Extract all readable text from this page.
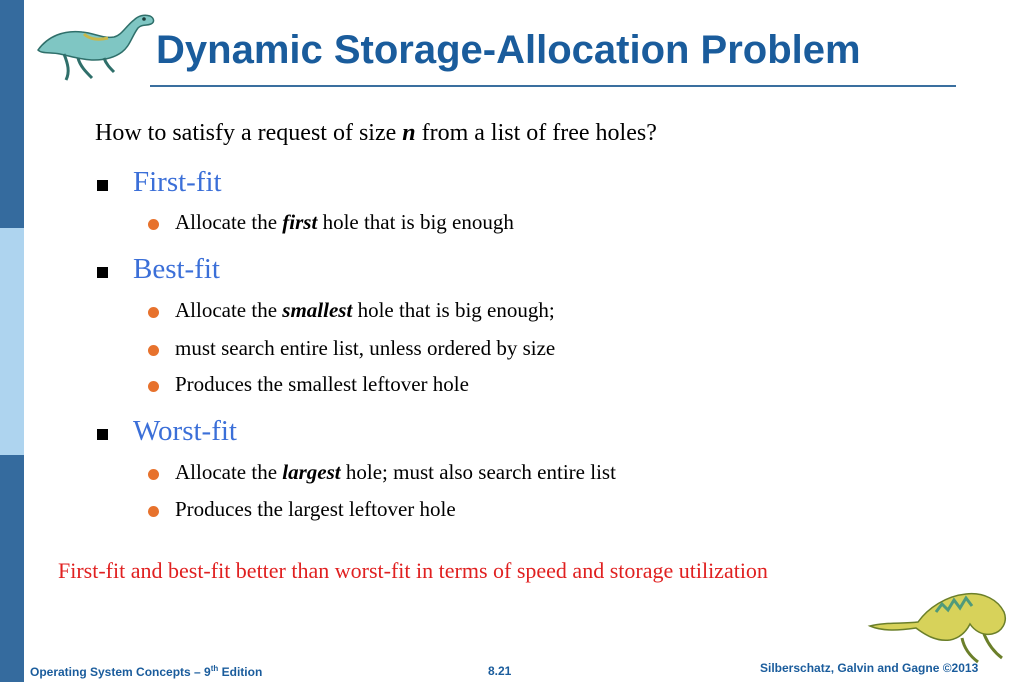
Dynamic Storage-Allocation Problem
How to satisfy a request of size n from a list of free holes?
First-fit
Allocate the first hole that is big enough
Best-fit
Allocate the smallest hole that is big enough;
must search entire list, unless ordered by size
Produces the smallest leftover hole
Worst-fit
Allocate the largest hole; must also search entire list
Produces the largest leftover hole
First-fit and best-fit better than worst-fit in terms of speed and storage utilization
Operating System Concepts – 9th Edition	8.21	Silberschatz, Galvin and Gagne ©2013
